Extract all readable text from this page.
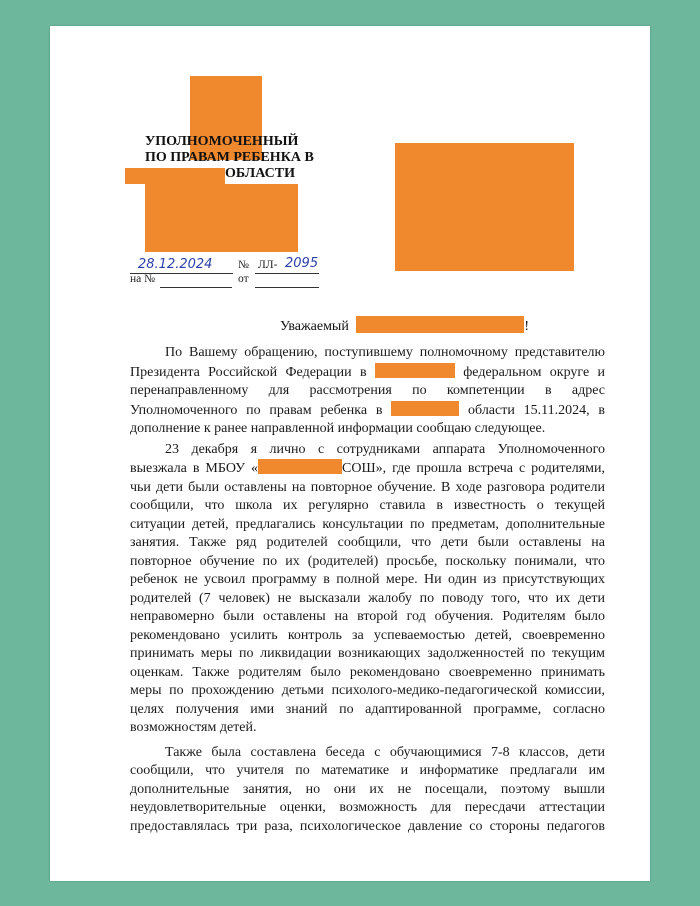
УПОЛНОМОЧЕННЫЙ
ПО ПРАВАМ РЕБЕНКА В
ОБЛАСТИ
28.12.2024 № ЛЛ- 2095
на №	от
Уважаемый	!

По Вашему обращению, поступившему полномочному представителю
Президента Российской Федерации в	федеральном округе и
перенаправленному для рассмотрения по компетенции в адрес
Уполномоченного по правам ребенка в	области 15.11.2024, в
дополнение к ранее направленной информации сообщаю следующее.

23 декабря я лично с сотрудниками аппарата Уполномоченного
выезжала в МБОУ «	СОШ», где прошла встреча с родителями,
чьи дети были оставлены на повторное обучение. В ходе разговора родители
сообщили, что школа их регулярно ставила в известность о текущей
ситуации детей, предлагались консультации по предметам, дополнительные
занятия. Также ряд родителей сообщили, что дети были оставлены на
повторное обучение по их (родителей) просьбе, поскольку понимали, что
ребенок не усвоил программу в полной мере. Ни один из присутствующих
родителей (7 человек) не высказали жалобу по поводу того, что их дети
неправомерно были оставлены на второй год обучения. Родителям было
рекомендовано усилить контроль за успеваемостью детей, своевременно
принимать меры по ликвидации возникающих задолженностей по текущим
оценкам. Также родителям было рекомендовано своевременно принимать
меры по прохождению детьми психолого-медико-педагогической комиссии,
целях получения ими знаний по адаптированной программе, согласно
возможностям детей.

Также была составлена беседа с обучающимися 7-8 классов, дети
сообщили, что учителя по математике и информатике предлагали им
дополнительные занятия, но они их не посещали, поэтому вышли
неудовлетворительные оценки, возможность для пересдачи аттестации
предоставлялась три раза, психологическое давление со стороны педагогов
